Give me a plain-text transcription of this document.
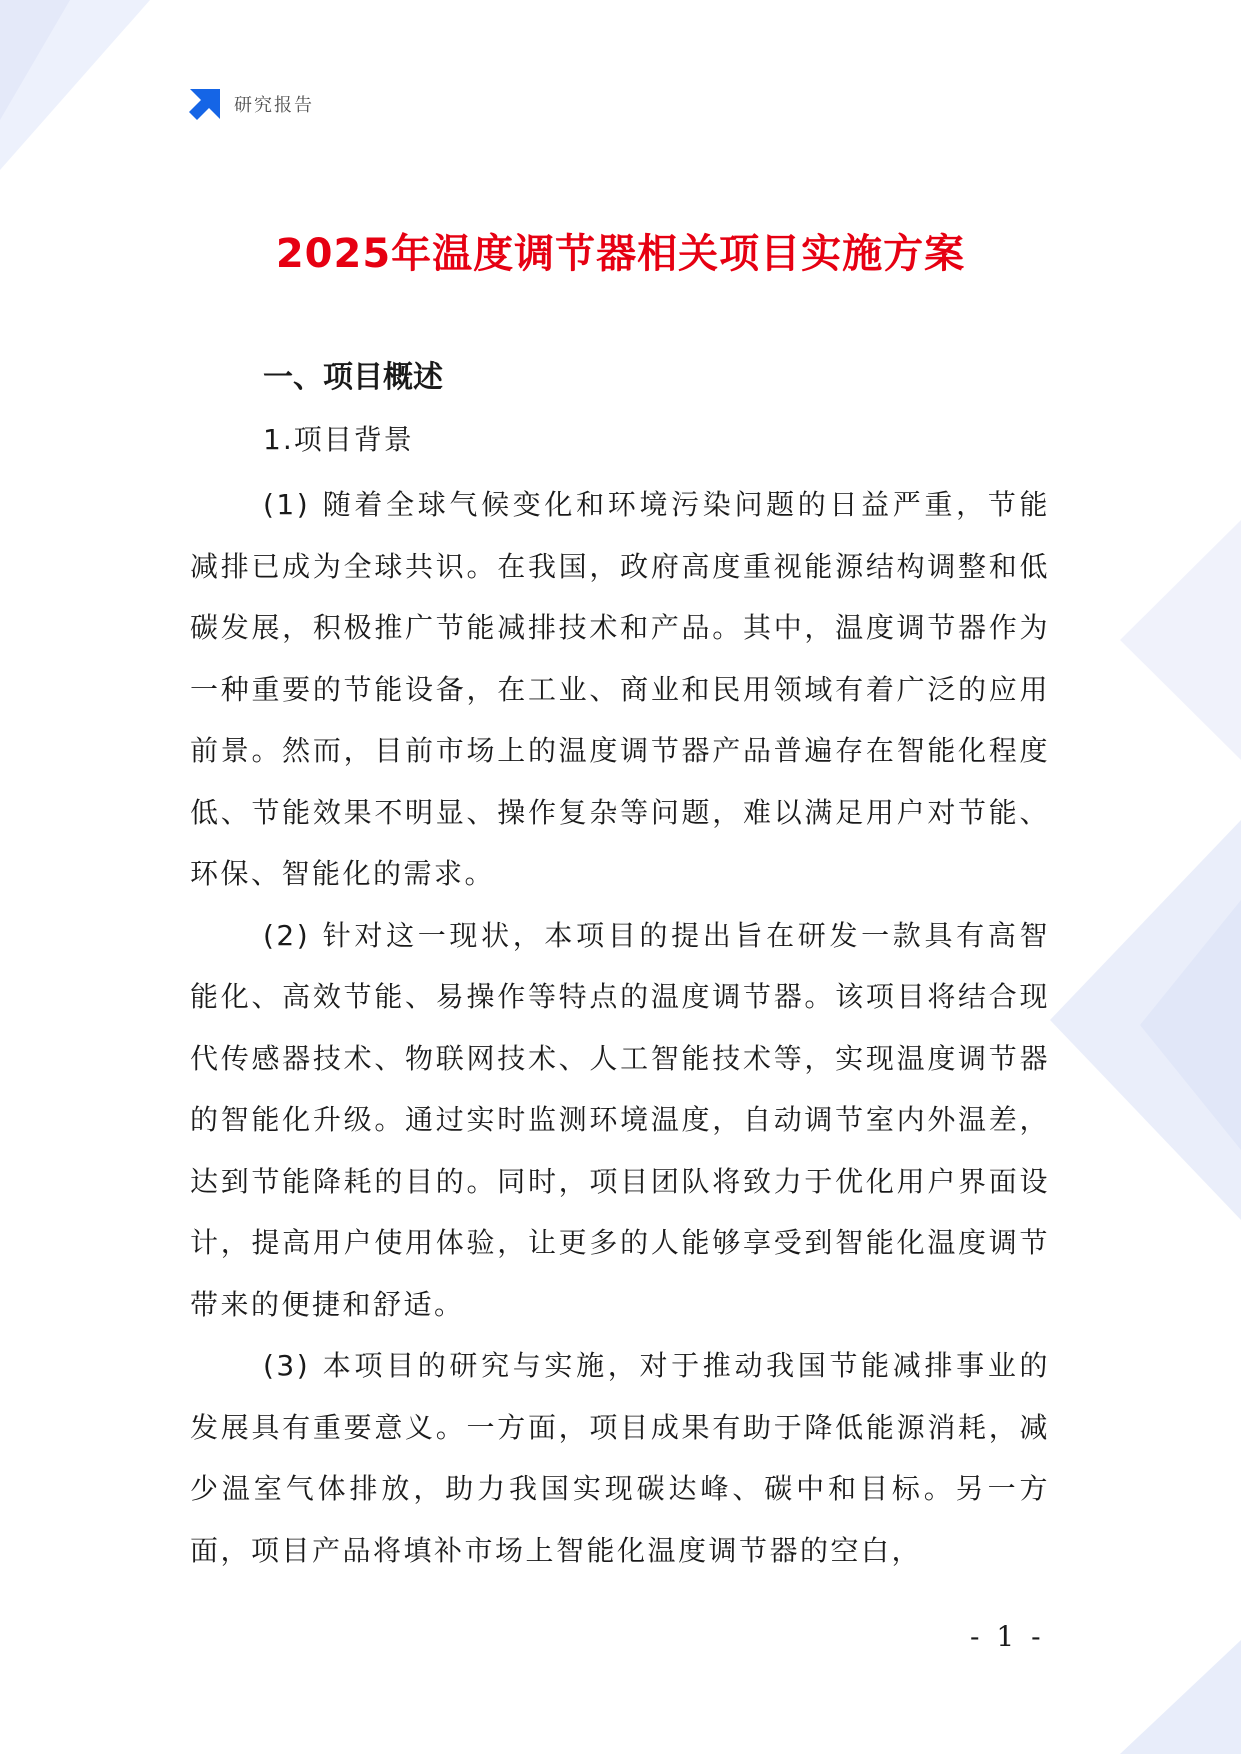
研究报告
2025年温度调节器相关项目实施方案
一、项目概述
1.项目背景

(1) 随着全球气候变化和环境污染问题的日益严重，节能减排已成为全球共识。在我国，政府高度重视能源结构调整和低碳发展，积极推广节能减排技术和产品。其中，温度调节器作为一种重要的节能设备，在工业、商业和民用领域有着广泛的应用前景。然而，目前市场上的温度调节器产品普遍存在智能化程度低、节能效果不明显、操作复杂等问题，难以满足用户对节能、环保、智能化的需求。

(2) 针对这一现状，本项目的提出旨在研发一款具有高智能化、高效节能、易操作等特点的温度调节器。该项目将结合现代传感器技术、物联网技术、人工智能技术等，实现温度调节器的智能化升级。通过实时监测环境温度，自动调节室内外温差，达到节能降耗的目的。同时，项目团队将致力于优化用户界面设计，提高用户使用体验，让更多的人能够享受到智能化温度调节带来的便捷和舒适。

(3) 本项目的研究与实施，对于推动我国节能减排事业的发展具有重要意义。一方面，项目成果有助于降低能源消耗，减少温室气体排放，助力我国实现碳达峰、碳中和目标。另一方面，项目产品将填补市场上智能化温度调节器的空白，

- 1 -
